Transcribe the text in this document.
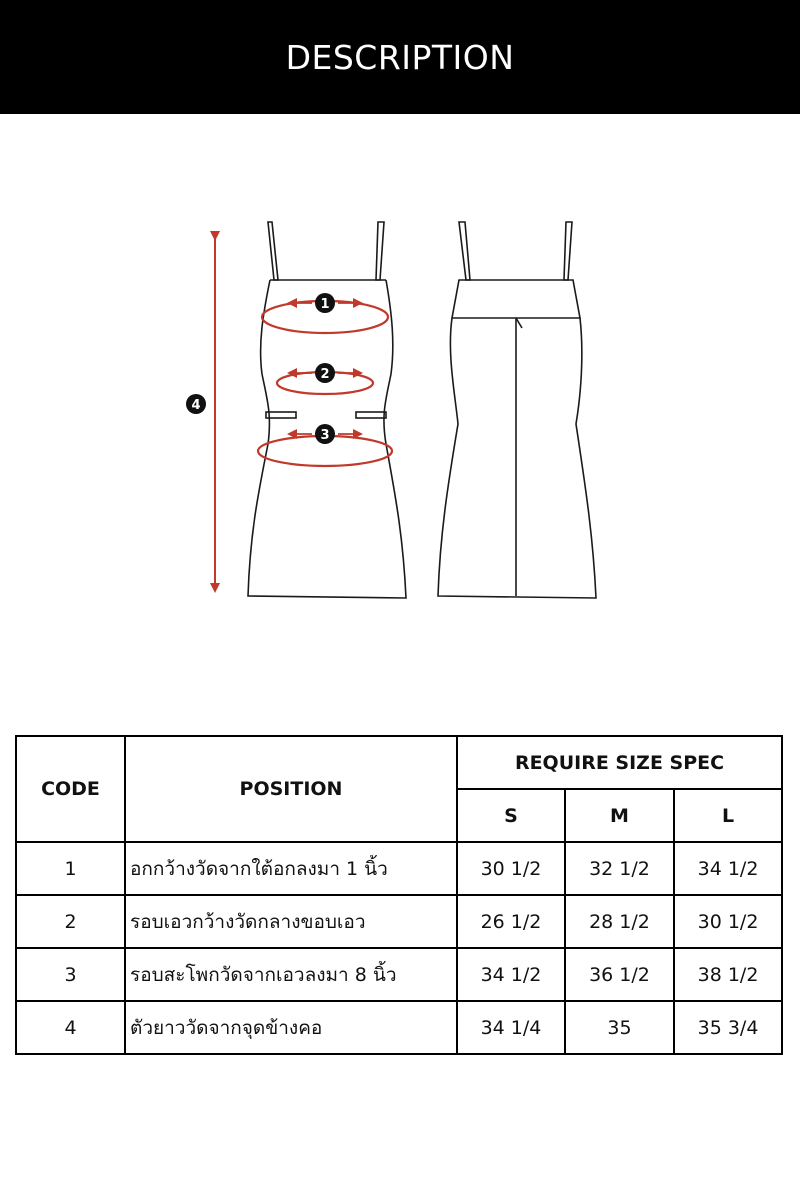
DESCRIPTION
1
2
3
4
CODE	POSITION	REQUIRE SIZE SPEC		
		S	M	L
1	อกกว้างวัดจากใต้อกลงมา 1 นิ้ว	30 1/2	32 1/2	34 1/2
2	รอบเอวกว้างวัดกลางขอบเอว	26 1/2	28 1/2	30 1/2
3	รอบสะโพกวัดจากเอวลงมา 8 นิ้ว	34 1/2	36 1/2	38 1/2
4	ตัวยาววัดจากจุดข้างคอ	34 1/4	35	35 3/4
